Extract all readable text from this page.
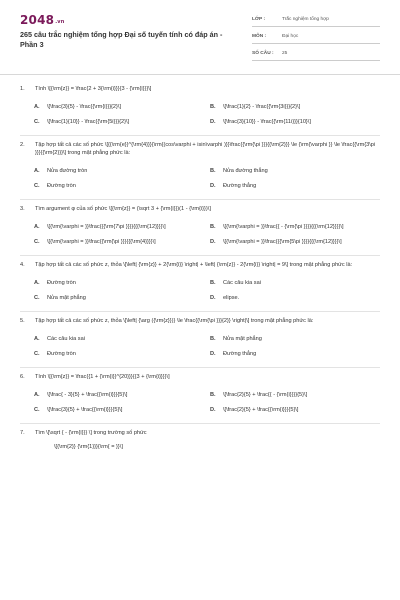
2048.vn
265 câu trắc nghiệm tổng hợp Đại số tuyến tính có đáp án - Phần 3
LỚP :	Trắc nghiệm tổng hợp
MÔN :	Đại học
SỐ CÂU :	25
1.	Tính \[{\rm{z}} = \frac{2 + 3{\rm{i}}}{3 - {\rm{i}}}\]
A.	\[\frac{3}{5} - \frac{{\rm{i}}}{2}\]	B.	\[\frac{1}{2} - \frac{{\rm{3i}}}{2}\]
C.	\[\frac{1}{10}} - \frac{{\rm{5i}}}{2}\]	D.	\[\frac{3}{10}} - \frac{{\rm{11i}}}{10}\]
2.	Tập hợp tất cả các số phức \[{{\rm{e}}^{\rm{4}}}{\rm{(cos\varphi + isin\varphi )}}\frac{{\rm{\pi }}}{{\rm{2}}} \le {\rm{\varphi }} \le \frac{{\rm{3\pi }}}{{\rm{2}}}\] trong mặt phẳng phức là:
A.	Nửa đường tròn	B.	Nửa đường thẳng
C.	Đường tròn	D.	Đường thẳng
3.	Tìm argument φ của số phức \[{\rm{z}} = (\sqrt 3 + {\rm{i}})(1 - {\rm{i}})\]
A.	\[{\rm{\varphi = }}\frac{{{\rm{7\pi }}}}{{{\rm{12}}}}\]	B.	\[{\rm{\varphi = }}\frac{{ - {\rm{\pi }}}}{{{\rm{12}}}}\]
C.	\[{\rm{\varphi = }}\frac{{\rm{\pi }}}{{{\rm{4}}}}\]	D.	\[{\rm{\varphi = }}\frac{{{\rm{5\pi }}}}{{{\rm{12}}}}\]
4.	Tập hợp tất cả các số phức z, thỏa \[\left| {\rm{z}} + 2{\rm{i}} \right| + \left| {\rm{z}} - 2{\rm{i}} \right| = 9\] trong mặt phẳng phức là:
A.	Đường tròn	B.	Các câu kia sai
C.	Nửa mặt phẳng	D.	elipse.
5.	Tập hợp tất cả các số phức z, thỏa \[\left| {\arg ({\rm{z}})} \le \frac{{\rm{\pi }}}{2}} \right|\] trong mặt phẳng phức là:
A.	Các câu kia sai	B.	Nửa mặt phẳng
C.	Đường tròn	D.	Đường thẳng
6.	Tính \[{\rm{z}} = \frac{{1 + {\rm{i}}^{20}}}{{3 + {\rm{i}}}}\]
A.	\[\frac{ - 3}{5} + \frac{{\rm{i}}}{5}\]	B.	\[\frac{2}{5} + \frac{{ - {\rm{i}}}}{5}\]
C.	\[\frac{3}{5} + \frac{{\rm{i}}}{5}\]	D.	\[\frac{2}{5} + \frac{{\rm{i}}}{5}\]
7.	Tìm \[\sqrt { - {\rm{i}}} \] trong trường số phức
\[{\rm{2}} {\rm{1}}}{\rm{ = }}\]
